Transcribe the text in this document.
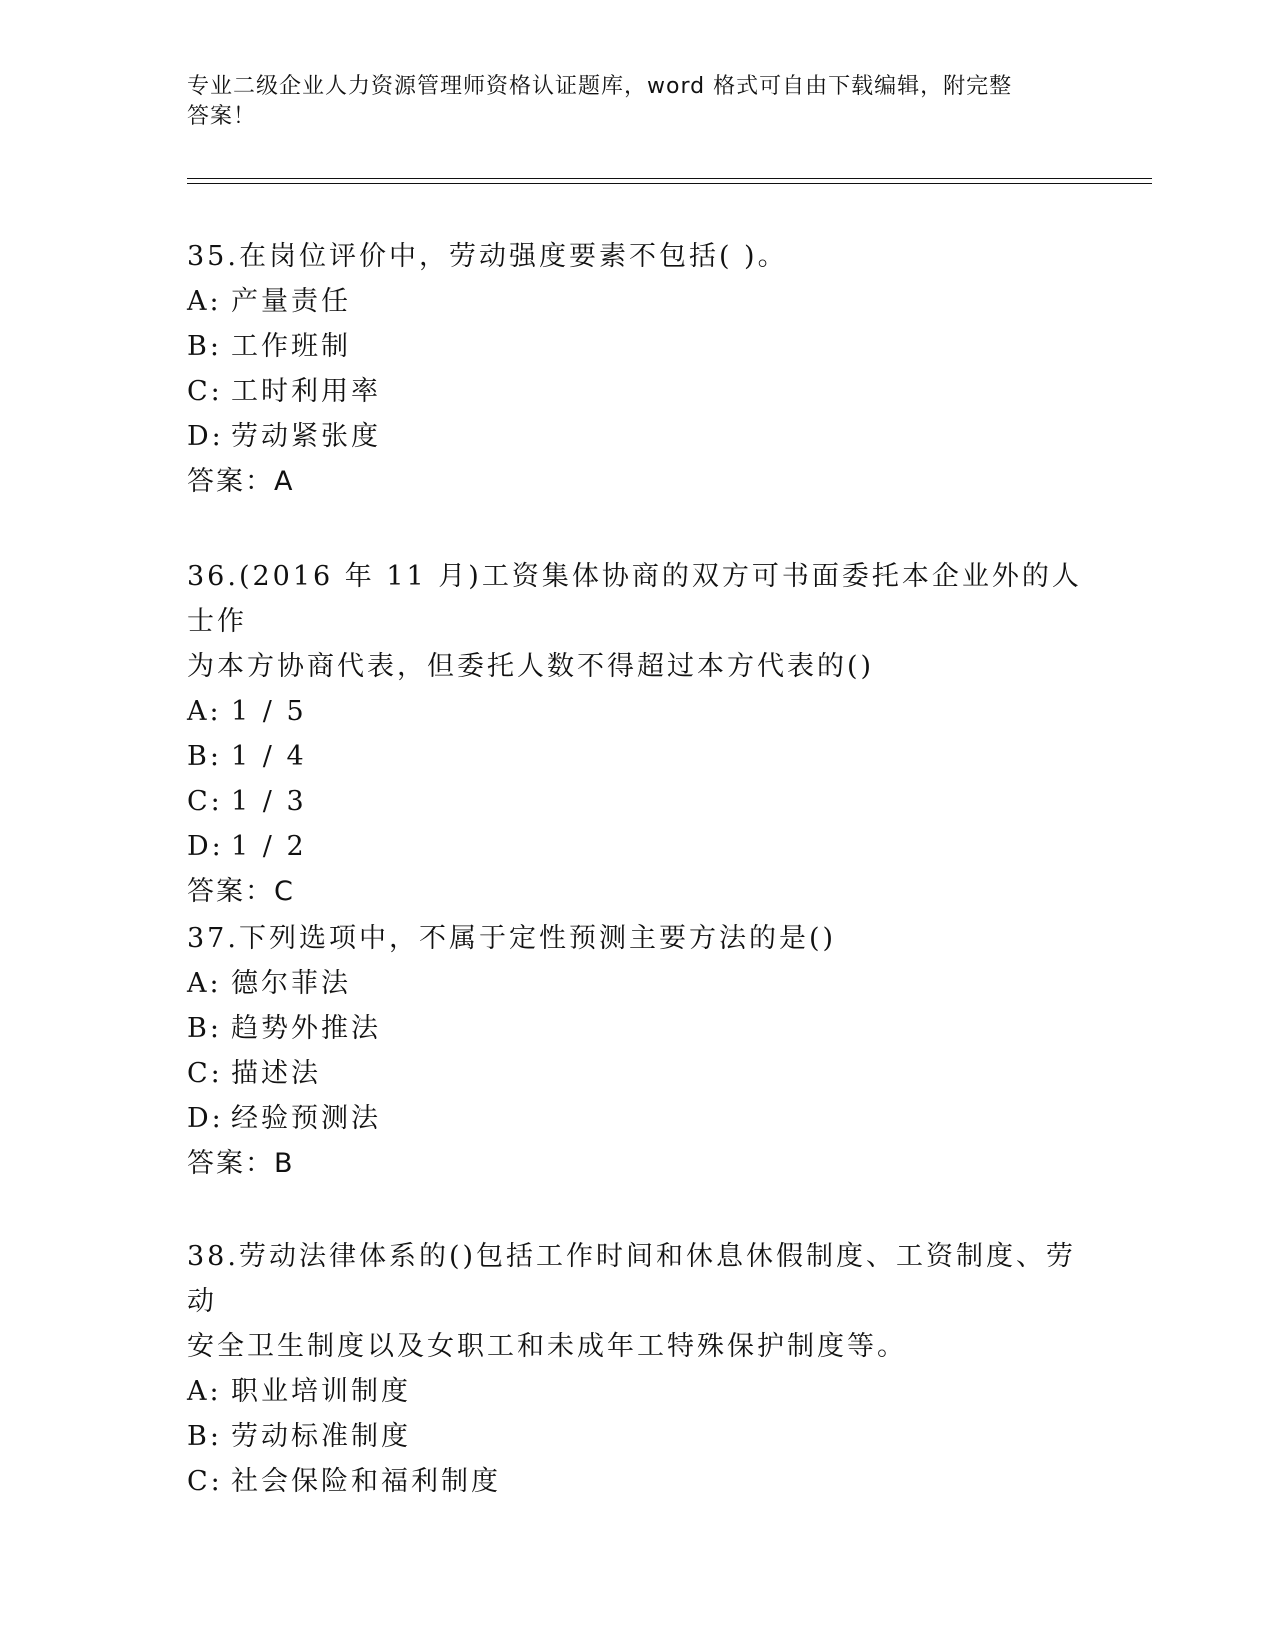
专业二级企业人力资源管理师资格认证题库，word 格式可自由下载编辑，附完整
答案！

35.在岗位评价中，劳动强度要素不包括( )。

A: 产量责任

B: 工作班制

C: 工时利用率

D: 劳动紧张度

答案：A

36.(2016 年 11 月)工资集体协商的双方可书面委托本企业外的人士作

为本方协商代表，但委托人数不得超过本方代表的()

A: 1 / 5

B: 1 / 4

C: 1 / 3

D: 1 / 2

答案：C

37.下列选项中，不属于定性预测主要方法的是()

A: 德尔菲法

B: 趋势外推法

C: 描述法

D: 经验预测法

答案：B

38.劳动法律体系的()包括工作时间和休息休假制度、工资制度、劳动

安全卫生制度以及女职工和未成年工特殊保护制度等。

A: 职业培训制度

B: 劳动标准制度

C: 社会保险和福利制度
